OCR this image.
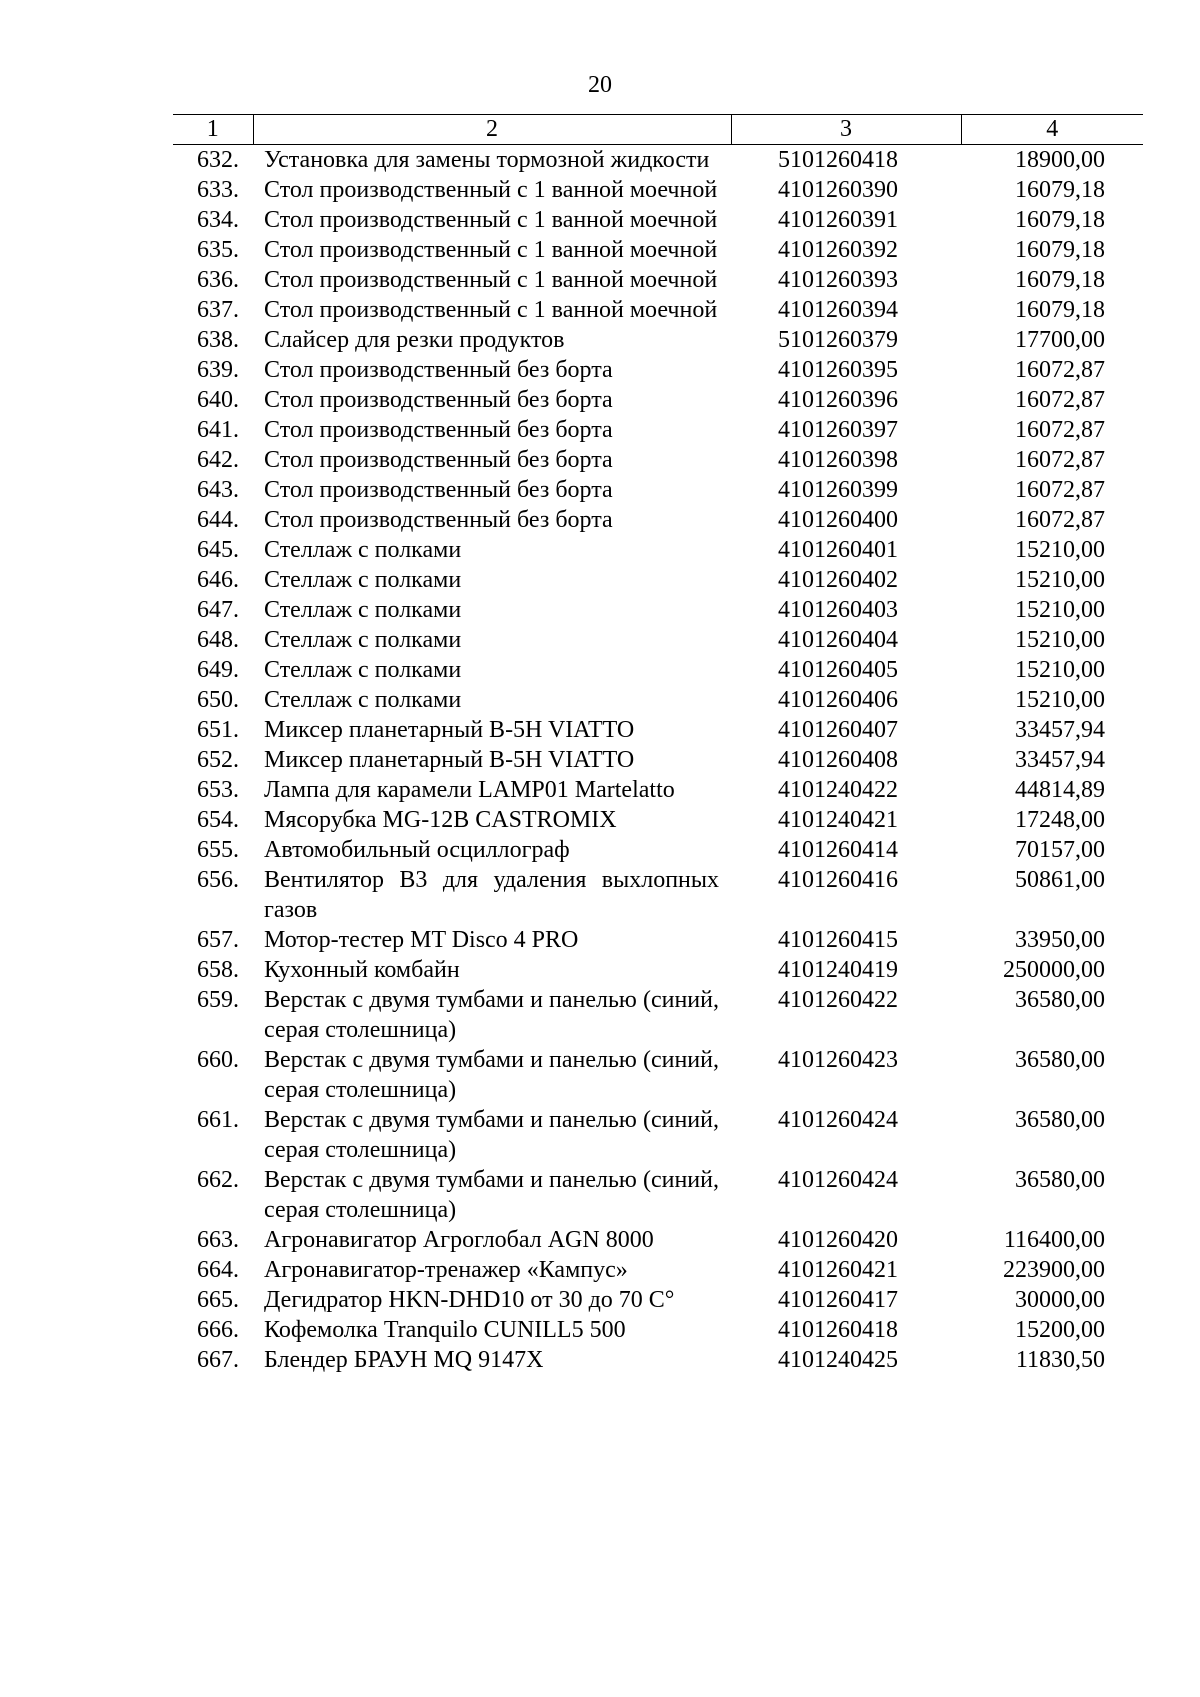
20
1	2	3	4
632.	Установка для замены тормозной жидкости	5101260418	18900,00
633.	Стол производственный с 1 ванной моечной	4101260390	16079,18
634.	Стол производственный с 1 ванной моечной	4101260391	16079,18
635.	Стол производственный с 1 ванной моечной	4101260392	16079,18
636.	Стол производственный с 1 ванной моечной	4101260393	16079,18
637.	Стол производственный с 1 ванной моечной	4101260394	16079,18
638.	Слайсер для резки продуктов	5101260379	17700,00
639.	Стол производственный без борта	4101260395	16072,87
640.	Стол производственный без борта	4101260396	16072,87
641.	Стол производственный без борта	4101260397	16072,87
642.	Стол производственный без борта	4101260398	16072,87
643.	Стол производственный без борта	4101260399	16072,87
644.	Стол производственный без борта	4101260400	16072,87
645.	Стеллаж с полками	4101260401	15210,00
646.	Стеллаж с полками	4101260402	15210,00
647.	Стеллаж с полками	4101260403	15210,00
648.	Стеллаж с полками	4101260404	15210,00
649.	Стеллаж с полками	4101260405	15210,00
650.	Стеллаж с полками	4101260406	15210,00
651.	Миксер планетарный B-5H VIATTO	4101260407	33457,94
652.	Миксер планетарный B-5H VIATTO	4101260408	33457,94
653.	Лампа для карамели LAMP01 Martelatto	4101240422	44814,89
654.	Мясорубка MG-12B CASTROMIX	4101240421	17248,00
655.	Автомобильный осциллограф	4101260414	70157,00
656.	Вентилятор В3 для удаления выхлопных газов	4101260416	50861,00
657.	Мотор-тестер MT Disco 4 PRO	4101260415	33950,00
658.	Кухонный комбайн	4101240419	250000,00
659.	Верстак с двумя тумбами и панелью (синий, серая столешница)	4101260422	36580,00
660.	Верстак с двумя тумбами и панелью (синий, серая столешница)	4101260423	36580,00
661.	Верстак с двумя тумбами и панелью (синий, серая столешница)	4101260424	36580,00
662.	Верстак с двумя тумбами и панелью (синий, серая столешница)	4101260424	36580,00
663.	Агронавигатор Агроглобал AGN 8000	4101260420	116400,00
664.	Агронавигатор-тренажер «Кампус»	4101260421	223900,00
665.	Дегидратор HKN-DHD10 от 30 до 70 С°	4101260417	30000,00
666.	Кофемолка Tranquilo CUNILL5 500	4101260418	15200,00
667.	Блендер БРАУН MQ 9147X	4101240425	11830,50
